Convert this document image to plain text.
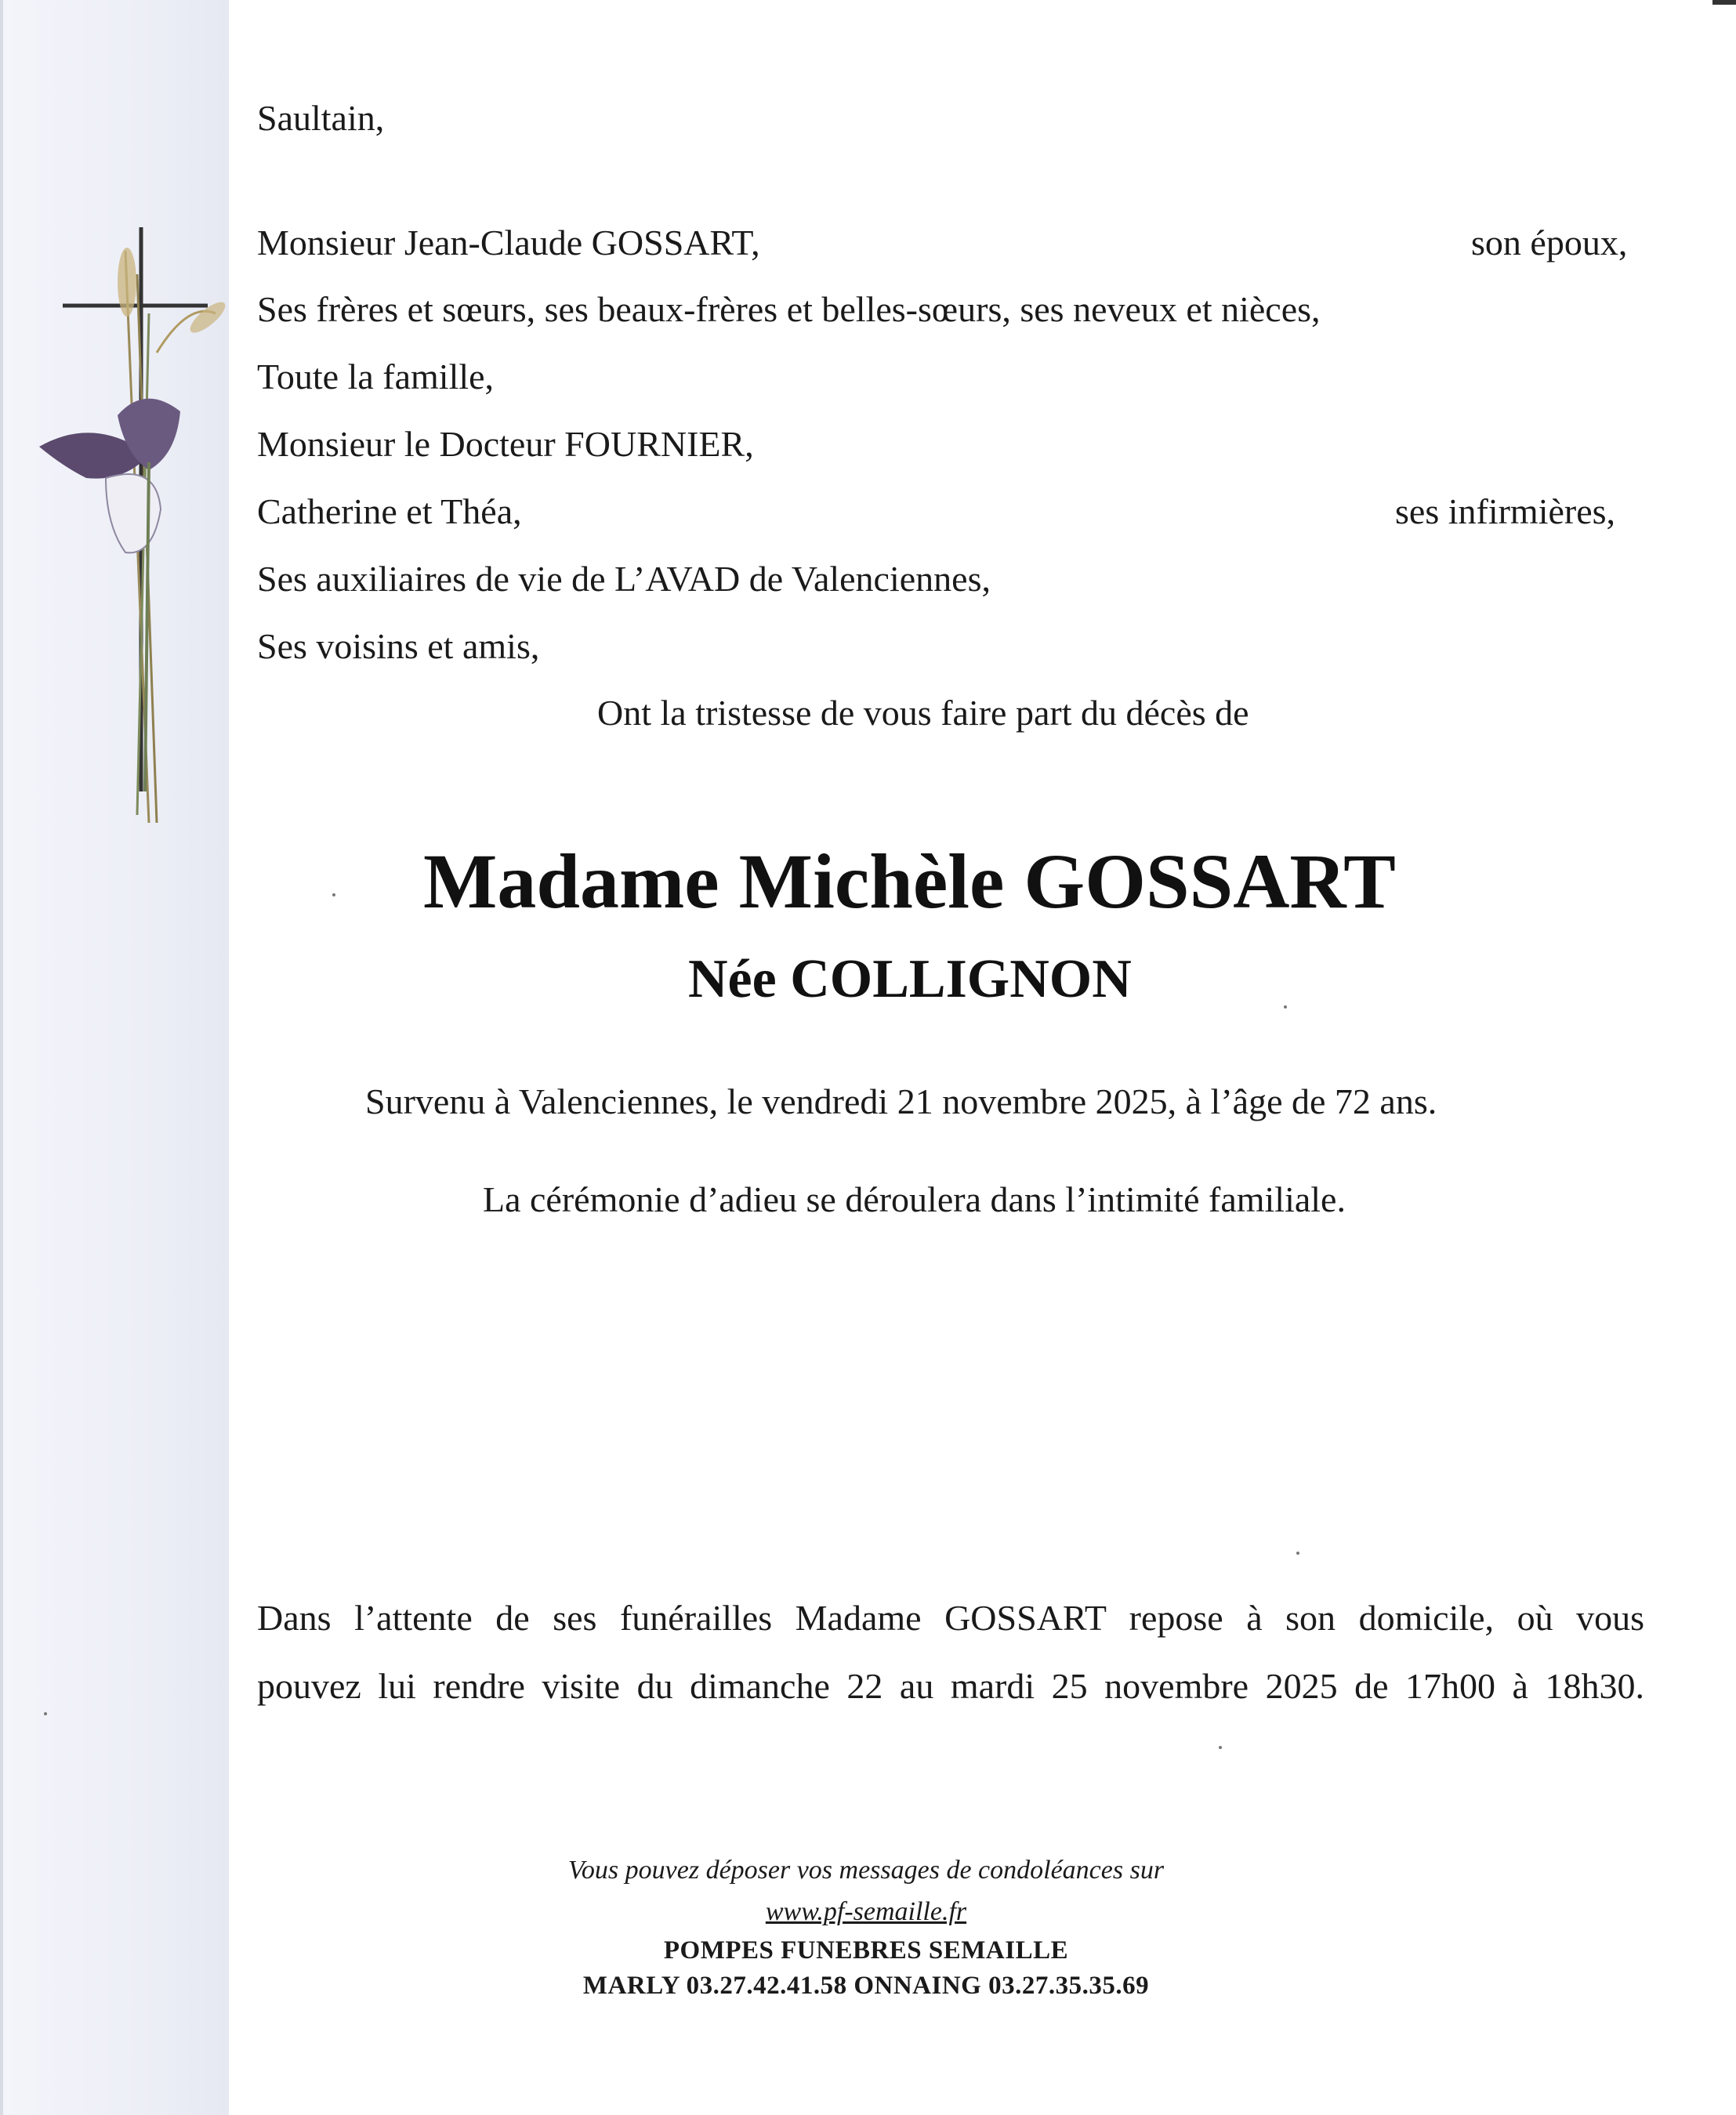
Saultain,
Monsieur Jean-Claude GOSSART,	son époux,
Ses frères et sœurs, ses beaux-frères et belles-sœurs, ses neveux et nièces,
Toute la famille,
Monsieur le Docteur FOURNIER,
Catherine et Théa,	ses infirmières,
Ses auxiliaires de vie de L’AVAD de Valenciennes,
Ses voisins et amis,
Ont la tristesse de vous faire part du décès de
Madame Michèle GOSSART
Née COLLIGNON
Survenu à Valenciennes, le vendredi 21 novembre 2025, à l’âge de 72 ans.
La cérémonie d’adieu se déroulera dans l’intimité familiale.
Dans l’attente de ses funérailles Madame GOSSART repose à son domicile, où vous
pouvez lui rendre visite du dimanche 22 au mardi 25 novembre 2025 de 17h00 à 18h30.
Vous pouvez déposer vos messages de condoléances sur
www.pf-semaille.fr
POMPES FUNEBRES SEMAILLE
MARLY 03.27.42.41.58 ONNAING 03.27.35.35.69
